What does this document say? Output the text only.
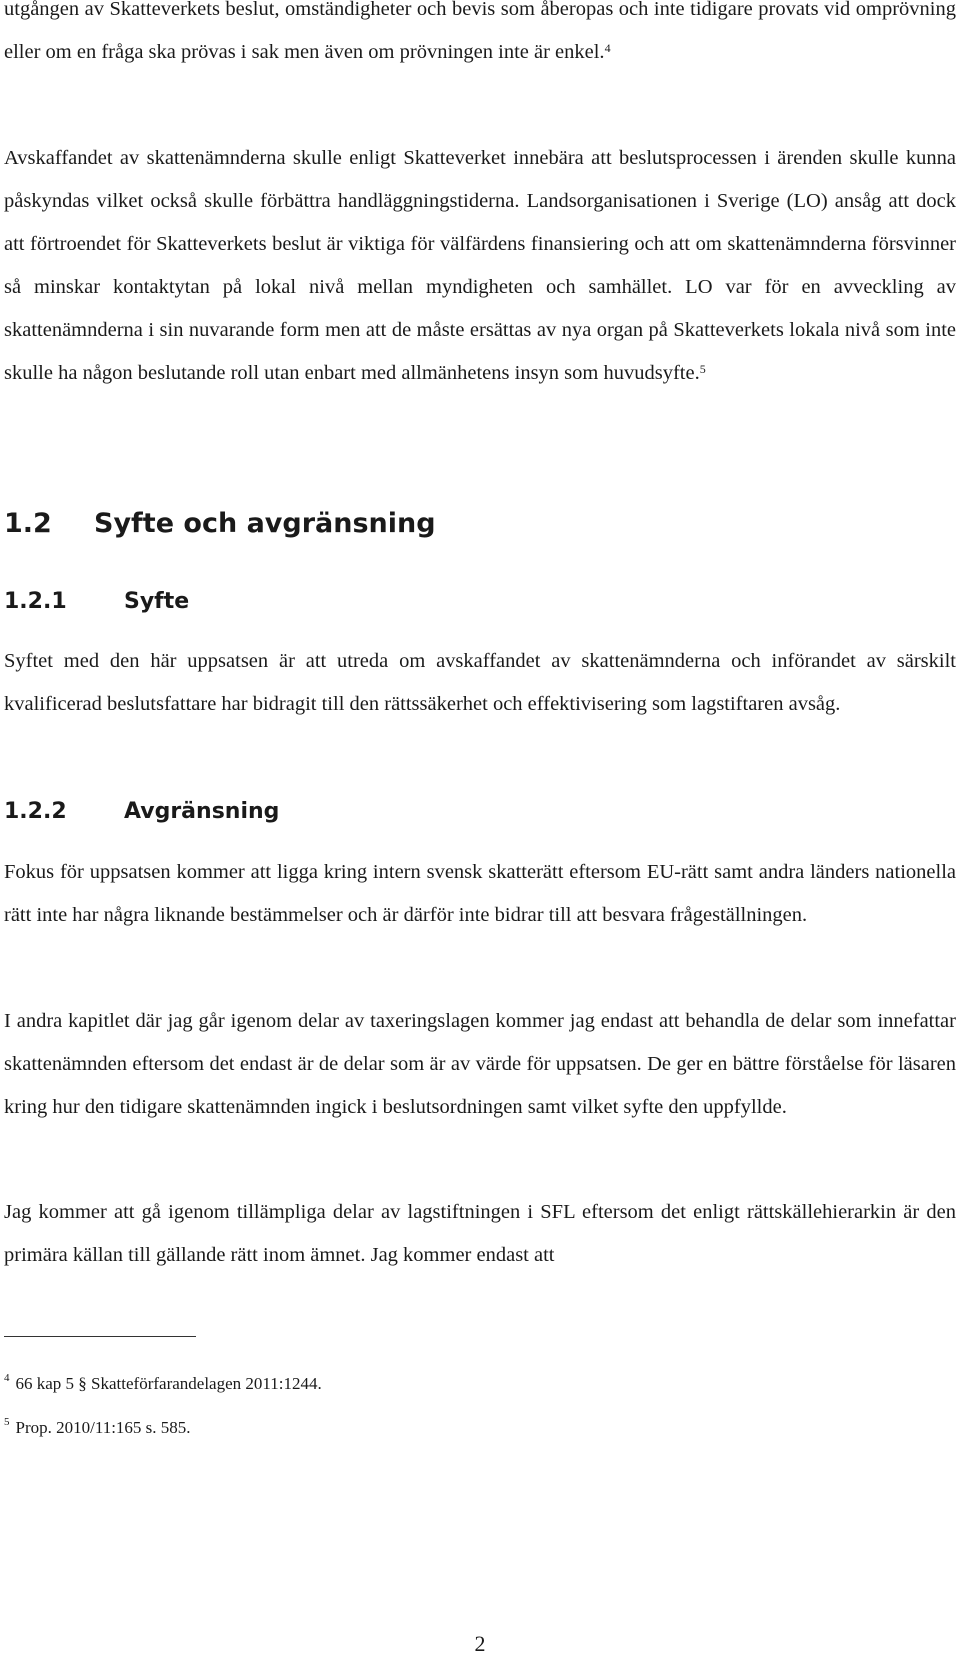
utgången av Skatteverkets beslut, omständigheter och bevis som åberopas och inte tidigare provats vid omprövning eller om en fråga ska prövas i sak men även om prövningen inte är enkel.$^4$

Avskaffandet av skattenämnderna skulle enligt Skatteverket innebära att beslutsprocessen i ärenden skulle kunna påskyndas vilket också skulle förbättra handläggningstiderna. Landsorganisationen i Sverige (LO) ansåg att dock att förtroendet för Skatteverkets beslut är viktiga för välfärdens finansiering och att om skattenämnderna försvinner så minskar kontaktytan på lokal nivå mellan myndigheten och samhället. LO var för en avveckling av skattenämnderna i sin nuvarande form men att de måste ersättas av nya organ på Skatteverkets lokala nivå som inte skulle ha någon beslutande roll utan enbart med allmänhetens insyn som huvudsyfte.$^5$

1.2 Syfte och avgränsning
1.2.1	Syfte

Syftet med den här uppsatsen är att utreda om avskaffandet av skattenämnderna och införandet av särskilt kvalificerad beslutsfattare har bidragit till den rättssäkerhet och effektivisering som lagstiftaren avsåg.

1.2.2	Avgränsning

Fokus för uppsatsen kommer att ligga kring intern svensk skatterätt eftersom EU-rätt samt andra länders nationella rätt inte har några liknande bestämmelser och är därför inte bidrar till att besvara frågeställningen.

I andra kapitlet där jag går igenom delar av taxeringslagen kommer jag endast att behandla de delar som innefattar skattenämnden eftersom det endast är de delar som är av värde för uppsatsen. De ger en bättre förståelse för läsaren kring hur den tidigare skattenämnden ingick i beslutsordningen samt vilket syfte den uppfyllde.

Jag kommer att gå igenom tillämpliga delar av lagstiftningen i SFL eftersom det enligt rättskällehierarkin är den primära källan till gällande rätt inom ämnet. Jag kommer endast att

$^4$ 66 kap 5 § Skatteförfarandelagen 2011:1244.

$^5$ Prop. 2010/11:165 s. 585.

2
